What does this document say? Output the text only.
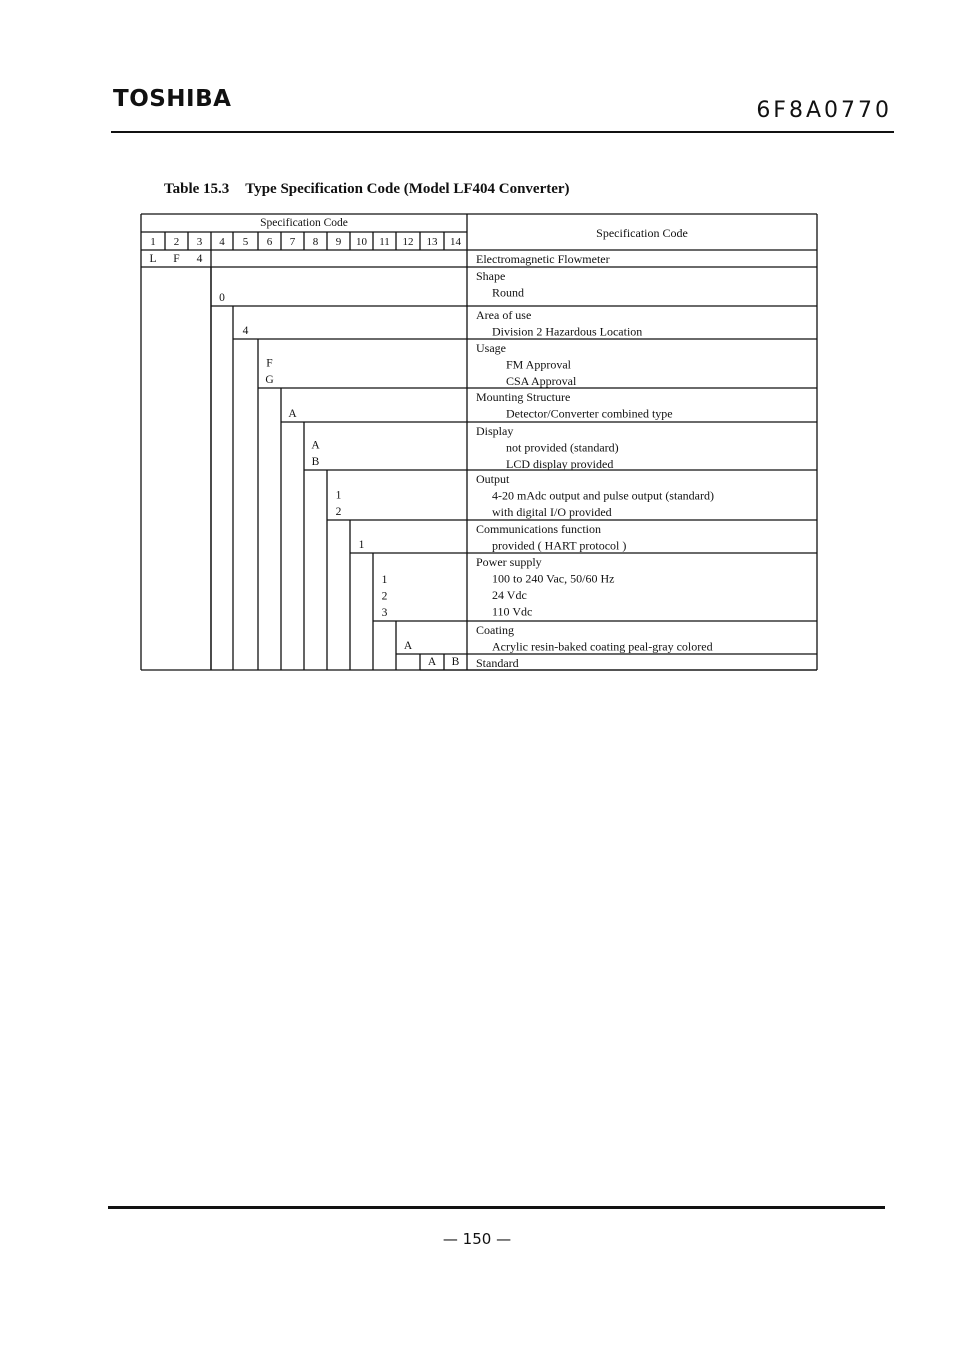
TOSHIBA	6F8A0770
Table 15.3 Type Specification Code (Model LF404 Converter)
Specification Code
Specification Code
1 2 3 4 5 6 7 8 9 10 11 12 13 14
Electromagnetic Flowmeter
L F 4
Shape
Round
0
Area of use
Division 2 Hazardous Location
4
Usage
FM Approval
CSA Approval
F
G
Mounting Structure
Detector/Converter combined type
A
Display
not provided (standard)
LCD display provided
A
B
Output
4-20 mAdc output and pulse output (standard)
with digital I/O provided
1
2
Communications function
provided ( HART protocol )
1
Power supply
100 to 240 Vac, 50/60 Hz
24 Vdc
110 Vdc
1
2
3
Coating
Acrylic resin-baked coating peal-gray colored
A
Standard
A B
— 150 —
